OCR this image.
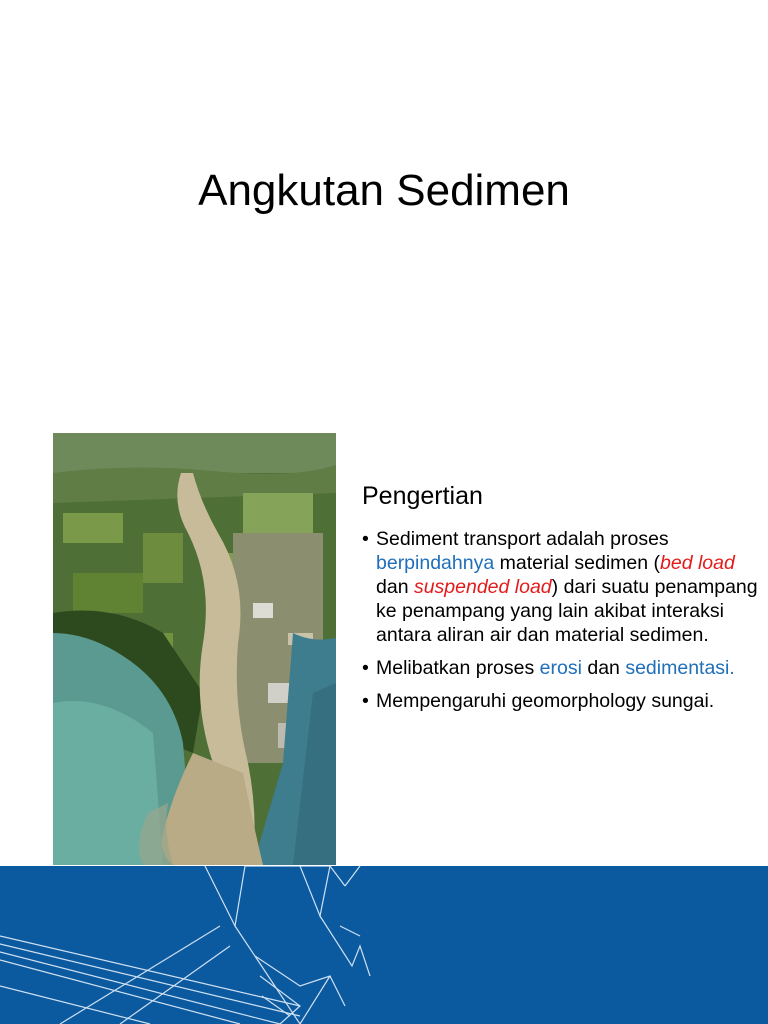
Angkutan Sedimen
Pengertian
• Sediment transport adalah proses berpindahnya material sedimen (bed load dan suspended load) dari suatu penampang ke penampang yang lain akibat interaksi antara aliran air dan material sedimen.
• Melibatkan proses erosi dan sedimentasi.
• Mempengaruhi geomorphology sungai.
